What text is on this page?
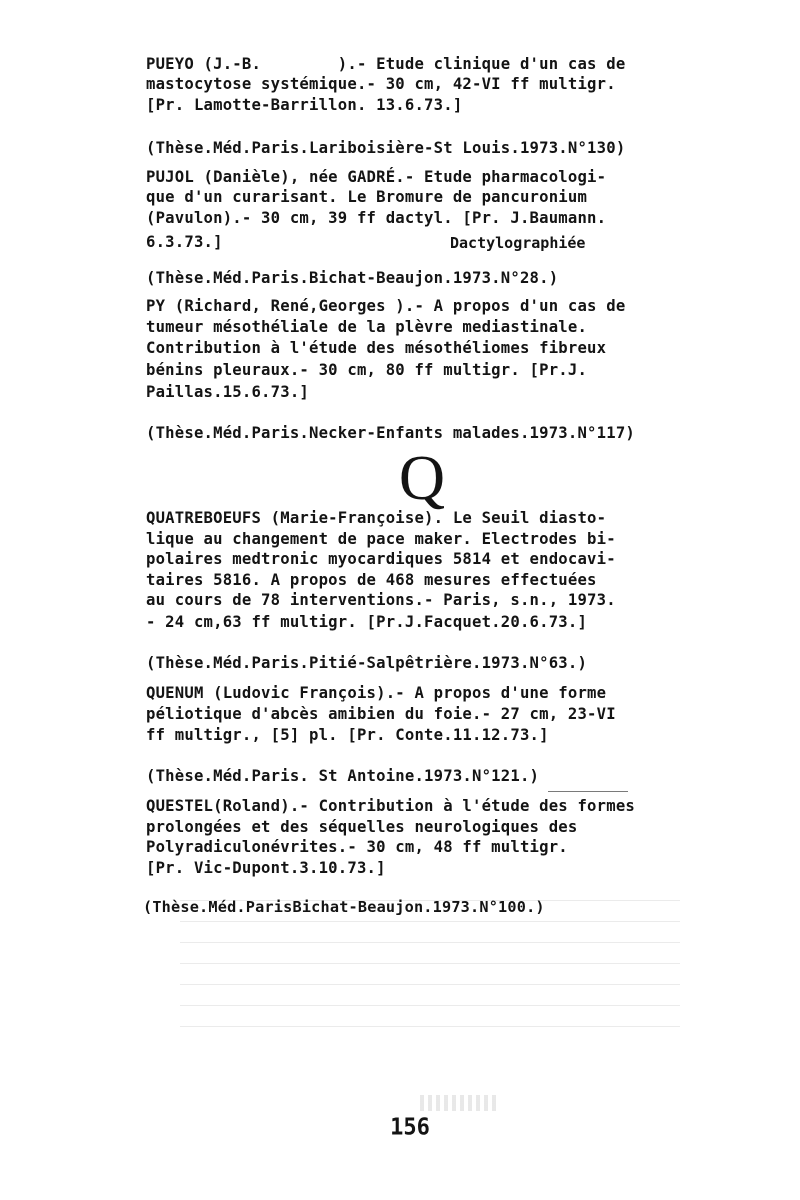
PUEYO (J.-B.        ).- Etude clinique d'un cas de
mastocytose systémique.- 30 cm, 42-VI ff multigr.
[Pr. Lamotte-Barrillon. 13.6.73.]
(Thèse.Méd.Paris.Lariboisière-St Louis.1973.N°130)
PUJOL (Danièle), née GADRÉ.- Etude pharmacologi-
que d'un curarisant. Le Bromure de pancuronium
(Pavulon).- 30 cm, 39 ff dactyl. [Pr. J.Baumann.
6.3.73.]	Dactylographiée
(Thèse.Méd.Paris.Bichat-Beaujon.1973.N°28.)
PY (Richard, René,Georges ).- A propos d'un cas de
tumeur mésothéliale de la plèvre mediastinale.
Contribution à l'étude des mésothéliomes fibreux
bénins pleuraux.- 30 cm, 80 ff multigr. [Pr.J.
Paillas.15.6.73.]
(Thèse.Méd.Paris.Necker-Enfants malades.1973.N°117)
Q
QUATREBOEUFS (Marie-Françoise). Le Seuil diasto-
lique au changement de pace maker. Electrodes bi-
polaires medtronic myocardiques 5814 et endocavi-
taires 5816. A propos de 468 mesures effectuées
au cours de 78 interventions.- Paris, s.n., 1973.
- 24 cm,63 ff multigr. [Pr.J.Facquet.20.6.73.]
(Thèse.Méd.Paris.Pitié-Salpêtrière.1973.N°63.)
QUENUM (Ludovic François).- A propos d'une forme
péliotique d'abcès amibien du foie.- 27 cm, 23-VI
ff multigr., [5] pl. [Pr. Conte.11.12.73.]
(Thèse.Méd.Paris. St Antoine.1973.N°121.)
QUESTEL(Roland).- Contribution à l'étude des formes
prolongées et des séquelles neurologiques des
Polyradiculonévrites.- 30 cm, 48 ff multigr.
[Pr. Vic-Dupont.3.10.73.]
(Thèse.Méd.ParisBichat-Beaujon.1973.N°100.)
156
